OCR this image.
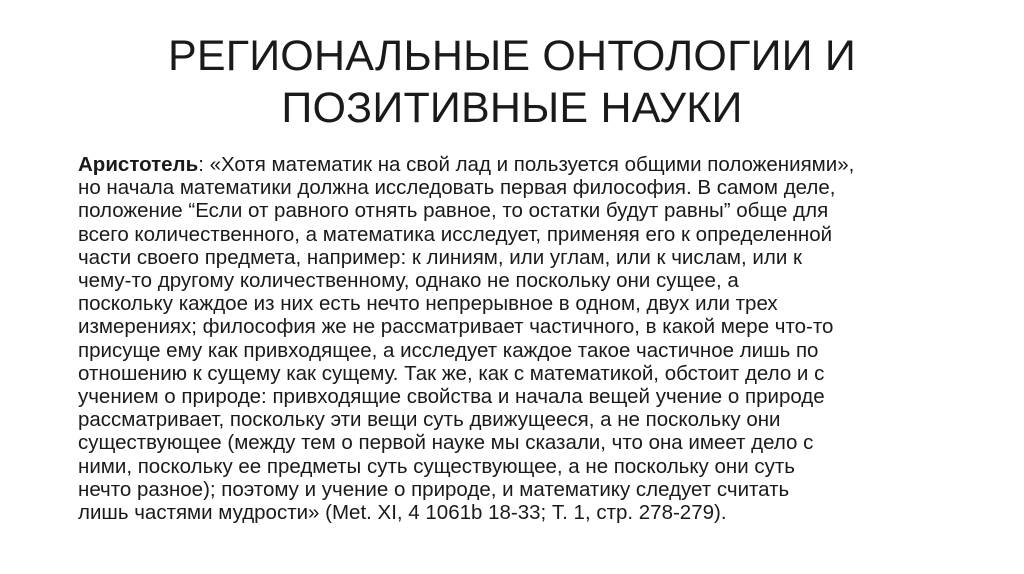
РЕГИОНАЛЬНЫЕ ОНТОЛОГИИ И
ПОЗИТИВНЫЕ НАУКИ

Аристотель: «Хотя математик на свой лад и пользуется общими положениями»,
но начала математики должна исследовать первая философия. В самом деле,
положение “Если от равного отнять равное, то остатки будут равны” обще для
всего количественного, а математика исследует, применяя его к определенной
части своего предмета, например: к линиям, или углам, или к числам, или к
чему-то другому количественному, однако не поскольку они сущее, а
поскольку каждое из них есть нечто непрерывное в одном, двух или трех
измерениях; философия же не рассматривает частичного, в какой мере что-то
присуще ему как привходящее, а исследует каждое такое частичное лишь по
отношению к сущему как сущему. Так же, как с математикой, обстоит дело и с
учением о природе: привходящие свойства и начала вещей учение о природе
рассматривает, поскольку эти вещи суть движущееся, а не поскольку они
существующее (между тем о первой науке мы сказали, что она имеет дело с
ними, поскольку ее предметы суть существующее, а не поскольку они суть
нечто разное); поэтому и учение о природе, и математику следует считать
лишь частями мудрости» (Met. XI, 4 1061b 18-33; Т. 1, стр. 278-279).
